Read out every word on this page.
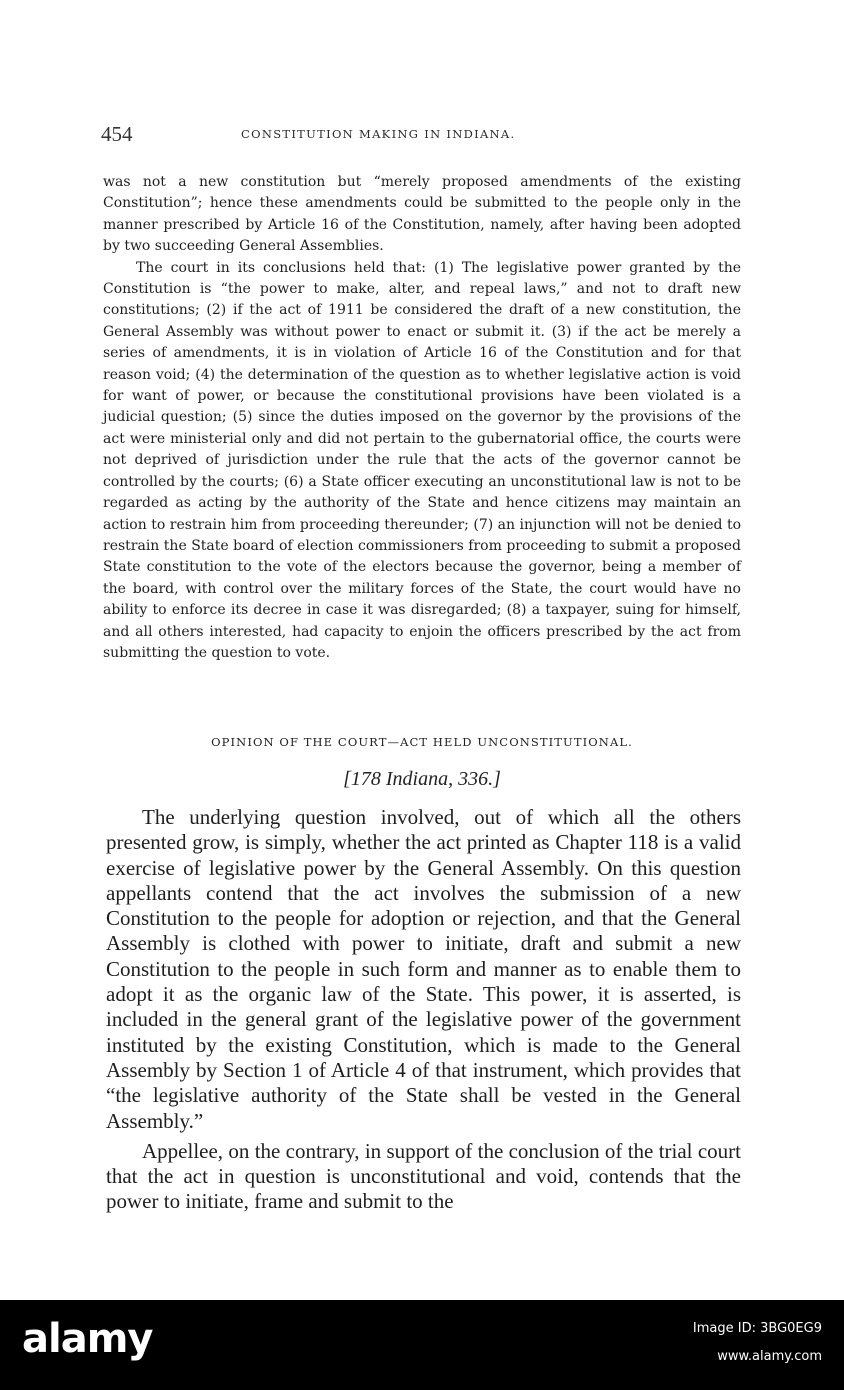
454	CONSTITUTION MAKING IN INDIANA.

was not a new constitution but “merely proposed amendments of the existing Constitution”; hence these amendments could be submitted to the people only in the manner prescribed by Article 16 of the Constitution, namely, after having been adopted by two succeeding General Assemblies.

The court in its conclusions held that: (1) The legislative power granted by the Constitution is “the power to make, alter, and repeal laws,” and not to draft new constitutions; (2) if the act of 1911 be considered the draft of a new constitution, the General Assembly was without power to enact or submit it. (3) if the act be merely a series of amendments, it is in violation of Article 16 of the Constitution and for that reason void; (4) the determination of the question as to whether legislative action is void for want of power, or because the constitutional provisions have been violated is a judicial question; (5) since the duties imposed on the governor by the provisions of the act were ministerial only and did not pertain to the gubernatorial office, the courts were not deprived of jurisdiction under the rule that the acts of the governor cannot be controlled by the courts; (6) a State officer executing an unconstitutional law is not to be regarded as acting by the authority of the State and hence citizens may maintain an action to restrain him from proceeding thereunder; (7) an injunction will not be denied to restrain the State board of election commissioners from proceeding to submit a proposed State constitution to the vote of the electors because the governor, being a member of the board, with control over the military forces of the State, the court would have no ability to enforce its decree in case it was disregarded; (8) a taxpayer, suing for himself, and all others interested, had capacity to enjoin the officers prescribed by the act from submitting the question to vote.

OPINION OF THE COURT—ACT HELD UNCONSTITUTIONAL.
[178 Indiana, 336.]

The underlying question involved, out of which all the others presented grow, is simply, whether the act printed as Chapter 118 is a valid exercise of legislative power by the General Assembly. On this question appellants contend that the act involves the submission of a new Constitution to the people for adoption or rejection, and that the General Assembly is clothed with power to initiate, draft and submit a new Constitution to the people in such form and manner as to enable them to adopt it as the organic law of the State. This power, it is asserted, is included in the general grant of the legislative power of the government instituted by the existing Constitution, which is made to the General Assembly by Section 1 of Article 4 of that instrument, which provides that “the legislative authority of the State shall be vested in the General Assembly.”

Appellee, on the contrary, in support of the conclusion of the trial court that the act in question is unconstitutional and void, contends that the power to initiate, frame and submit to the

alamy	Image ID: 3BG0EG9
www.alamy.com
